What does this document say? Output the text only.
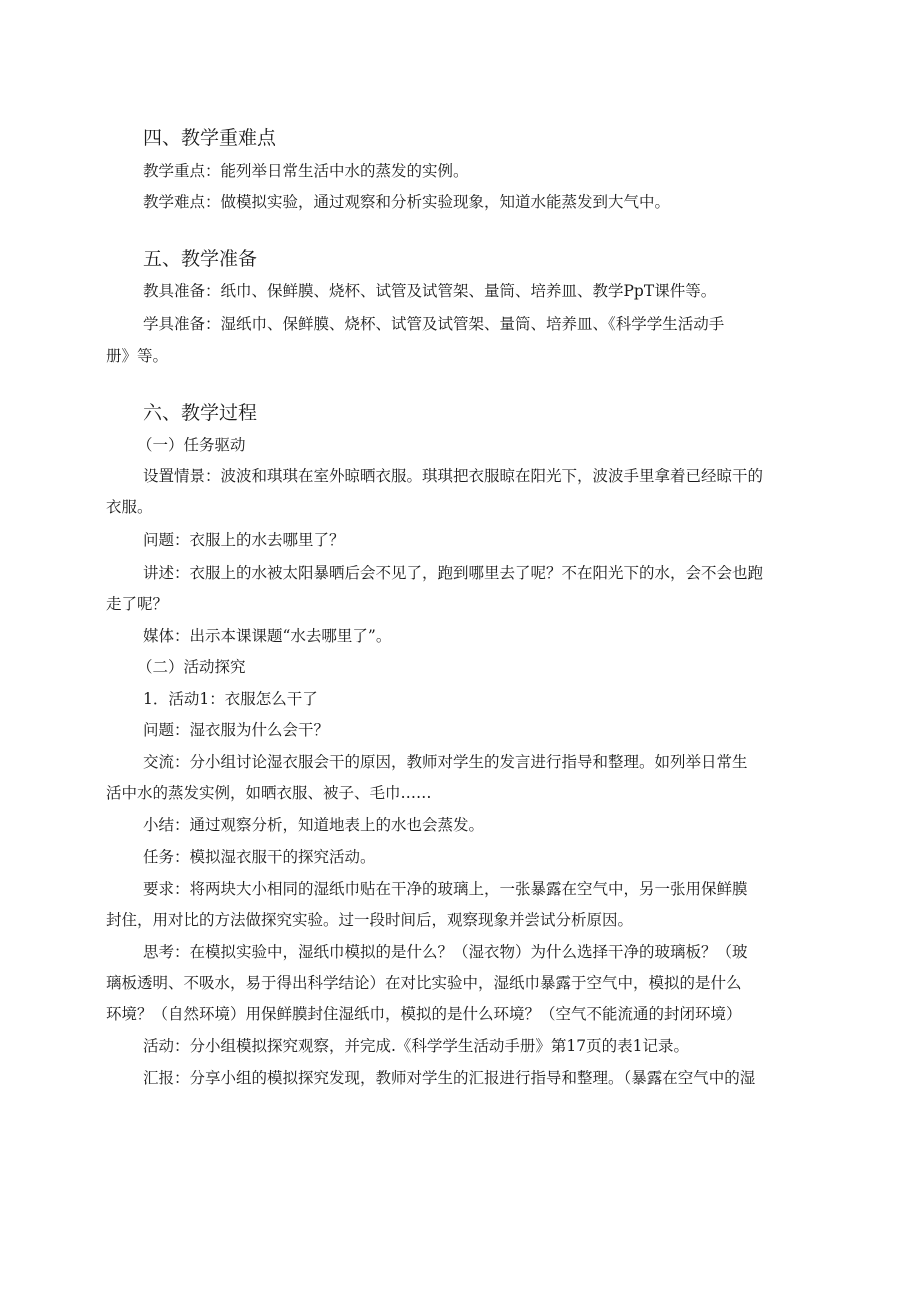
四、教学重难点
教学重点：能列举日常生活中水的蒸发的实例。
教学难点：做模拟实验，通过观察和分析实验现象，知道水能蒸发到大气中。
五、教学准备
教具准备：纸巾、保鲜膜、烧杯、试管及试管架、量筒、培养皿、教学PpT课件等。
学具准备：湿纸巾、保鲜膜、烧杯、试管及试管架、量筒、培养皿、《科学学生活动手
册》等。
六、教学过程
（一）任务驱动
设置情景：波波和琪琪在室外晾晒衣服。琪琪把衣服晾在阳光下，波波手里拿着已经晾干的
衣服。
问题：衣服上的水去哪里了？
讲述：衣服上的水被太阳暴晒后会不见了，跑到哪里去了呢？不在阳光下的水，会不会也跑
走了呢？
媒体：出示本课课题“水去哪里了”。
（二）活动探究
1．活动1：衣服怎么干了
问题：湿衣服为什么会干？
交流：分小组讨论湿衣服会干的原因，教师对学生的发言进行指导和整理。如列举日常生
活中水的蒸发实例，如晒衣服、被子、毛巾……
小结：通过观察分析，知道地表上的水也会蒸发。
任务：模拟湿衣服干的探究活动。
要求：将两块大小相同的湿纸巾贴在干净的玻璃上，一张暴露在空气中，另一张用保鲜膜
封住，用对比的方法做探究实验。过一段时间后，观察现象并尝试分析原因。
思考：在模拟实验中，湿纸巾模拟的是什么？（湿衣物）为什么选择干净的玻璃板？（玻
璃板透明、不吸水，易于得出科学结论）在对比实验中，湿纸巾暴露于空气中，模拟的是什么
环境？（自然环境）用保鲜膜封住湿纸巾，模拟的是什么环境？（空气不能流通的封闭环境）
活动：分小组模拟探究观察，并完成.《科学学生活动手册》第17页的表1记录。
汇报：分享小组的模拟探究发现，教师对学生的汇报进行指导和整理。（暴露在空气中的湿
